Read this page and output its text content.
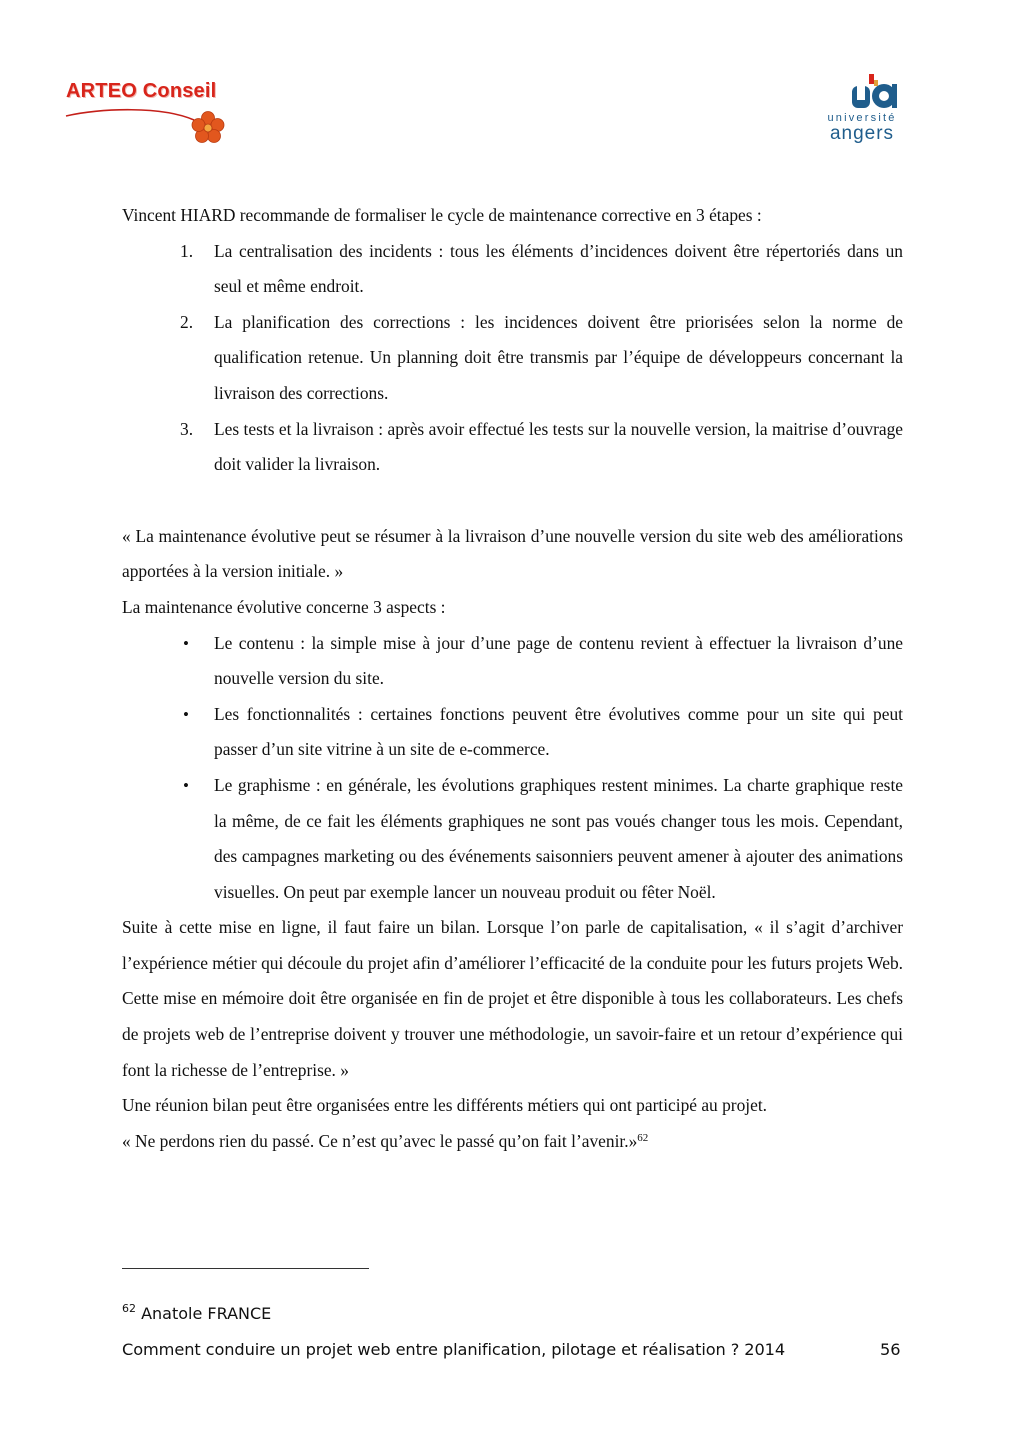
ARTEO Conseil
université
angers

Vincent HIARD recommande de formaliser le cycle de maintenance corrective en 3 étapes :

1. La centralisation des incidents : tous les éléments d’incidences doivent être répertoriés dans un seul et même endroit.
2. La planification des corrections : les incidences doivent être priorisées selon la norme de qualification retenue. Un planning doit être transmis par l’équipe de développeurs concernant la livraison des corrections.
3. Les tests et la livraison : après avoir effectué les tests sur la nouvelle version, la maitrise d’ouvrage doit valider la livraison.

« La maintenance évolutive peut se résumer à la livraison d’une nouvelle version du site web des améliorations apportées à la version initiale. »

La maintenance évolutive concerne 3 aspects :

• Le contenu : la simple mise à jour d’une page de contenu revient à effectuer la livraison d’une nouvelle version du site.
• Les fonctionnalités : certaines fonctions peuvent être évolutives comme pour un site qui peut passer d’un site vitrine à un site de e-commerce.
• Le graphisme : en générale, les évolutions graphiques restent minimes. La charte graphique reste la même, de ce fait les éléments graphiques ne sont pas voués changer tous les mois. Cependant, des campagnes marketing ou des événements saisonniers peuvent amener à ajouter des animations visuelles. On peut par exemple lancer un nouveau produit ou fêter Noël.

Suite à cette mise en ligne, il faut faire un bilan. Lorsque l’on parle de capitalisation, « il s’agit d’archiver l’expérience métier qui découle du projet afin d’améliorer l’efficacité de la conduite pour les futurs projets Web. Cette mise en mémoire doit être organisée en fin de projet et être disponible à tous les collaborateurs. Les chefs de projets web de l’entreprise doivent y trouver une méthodologie, un savoir-faire et un retour d’expérience qui font la richesse de l’entreprise. »

Une réunion bilan peut être organisées entre les différents métiers qui ont participé au projet.

« Ne perdons rien du passé. Ce n’est qu’avec le passé qu’on fait l’avenir.»$^{62}$

$^{62}$ Anatole FRANCE
Comment conduire un projet web entre planification, pilotage et réalisation ? 2014	56
